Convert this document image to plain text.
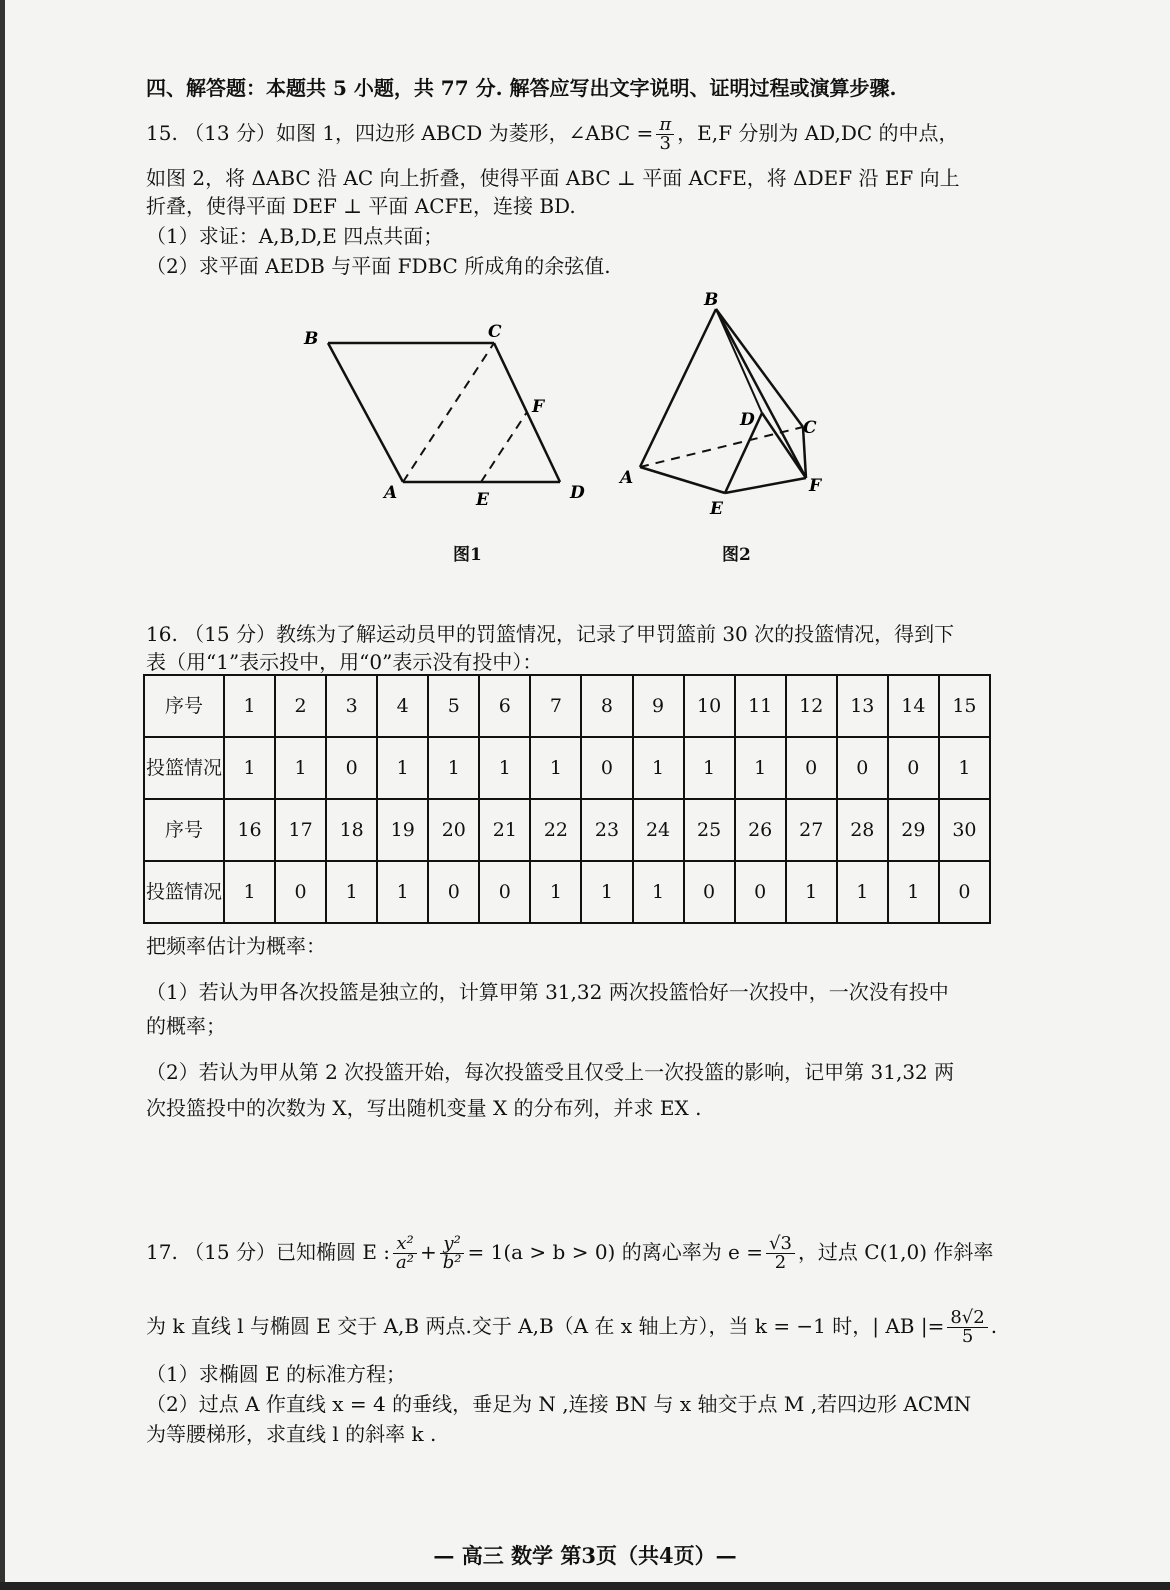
四、解答题：本题共 5 小题，共 77 分. 解答应写出文字说明、证明过程或演算步骤.
15. （13 分）如图 1，四边形 ABCD 为菱形，∠ABC = $\frac{\pi}{3}$ ，E,F 分别为 AD,DC 的中点，
如图 2，将 ΔABC 沿 AC 向上折叠，使得平面 ABC ⊥ 平面 ACFE，将 ΔDEF 沿 EF 向上
折叠，使得平面 DEF ⊥ 平面 ACFE，连接 BD.
（1）求证：A,B,D,E 四点共面；
（2）求平面 AEDB 与平面 FDBC 所成角的余弦值.
B	C
F
A	E	D
B
D	C
A
E
F
图1	图2
16. （15 分）教练为了解运动员甲的罚篮情况，记录了甲罚篮前 30 次的投篮情况，得到下
表（用“1”表示投中，用“0”表示没有投中）：
序号	1	2	3	4	5	6	7	8	9	10	11	12	13	14	15
投篮情况	1	1	0	1	1	1	1	0	1	1	1	0	0	0	1
序号	16	17	18	19	20	21	22	23	24	25	26	27	28	29	30
投篮情况	1	0	1	1	0	0	1	1	1	0	0	1	1	1	0
把频率估计为概率：
（1）若认为甲各次投篮是独立的，计算甲第 31,32 两次投篮恰好一次投中，一次没有投中
的概率；
（2）若认为甲从第 2 次投篮开始，每次投篮受且仅受上一次投篮的影响，记甲第 31,32 两
次投篮投中的次数为 X，写出随机变量 X 的分布列，并求 EX .
17. （15 分）已知椭圆 E : $\frac{\text{x²}}{\text{a²}} + \frac{\text{y²}}{\text{b²}} = 1(a > b > 0)$ 的离心率为 $e = \frac{√3}{2}$ ，过点 C(1,0) 作斜率
为 k 直线 l 与椭圆 E 交于 A,B 两点.交于 A,B（A 在 x 轴上方），当 k = −1 时，| AB |= $\frac{8√2}{5}$ .
（1）求椭圆 E 的标准方程；
（2）过点 A 作直线 x = 4 的垂线，垂足为 N ,连接 BN 与 x 轴交于点 M ,若四边形 ACMN
为等腰梯形，求直线 l 的斜率 k .
— 高三 数学 第3页（共4页）—
